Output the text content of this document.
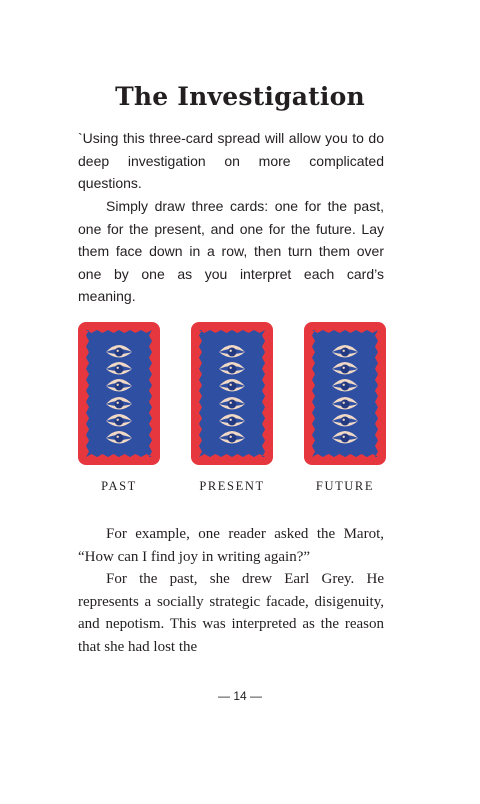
The Investigation

`Using this three-card spread will allow you to do deep investigation on more complicated questions.

Simply draw three cards: one for the past, one for the present, and one for the future. Lay them face down in a row, then turn them over one by one as you interpret each card’s meaning.

PAST	PRESENT	FUTURE

For example, one reader asked the Marot, “How can I find joy in writing again?”

For the past, she drew Earl Grey. He represents a socially strategic facade, disigenuity, and nepotism. This was interpreted as the reason that she had lost the

— 14 —
